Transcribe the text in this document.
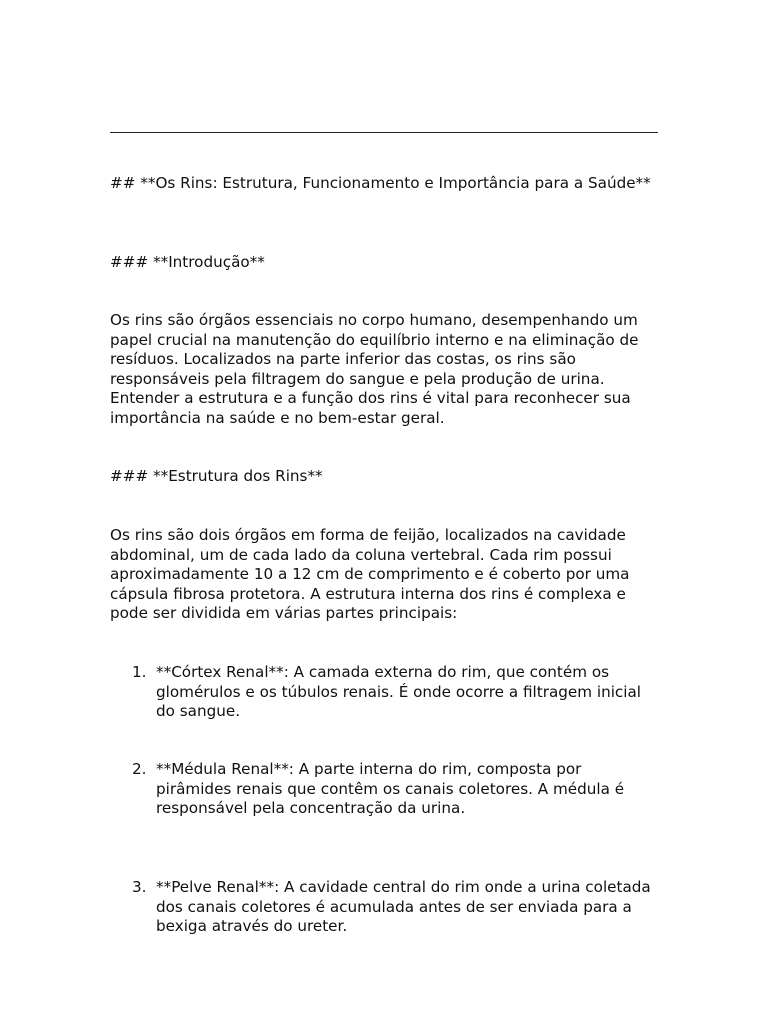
## **Os Rins: Estrutura, Funcionamento e Importância para a Saúde**

### **Introdução**

Os rins são órgãos essenciais no corpo humano, desempenhando um papel crucial na manutenção do equilíbrio interno e na eliminação de resíduos. Localizados na parte inferior das costas, os rins são responsáveis pela filtragem do sangue e pela produção de urina. Entender a estrutura e a função dos rins é vital para reconhecer sua importância na saúde e no bem-estar geral.

### **Estrutura dos Rins**

Os rins são dois órgãos em forma de feijão, localizados na cavidade abdominal, um de cada lado da coluna vertebral. Cada rim possui aproximadamente 10 a 12 cm de comprimento e é coberto por uma cápsula fibrosa protetora. A estrutura interna dos rins é complexa e pode ser dividida em várias partes principais:

1. **Córtex Renal**: A camada externa do rim, que contém os glomérulos e os túbulos renais. É onde ocorre a filtragem inicial do sangue.
2. **Médula Renal**: A parte interna do rim, composta por pirâmides renais que contêm os canais coletores. A médula é responsável pela concentração da urina.
3. **Pelve Renal**: A cavidade central do rim onde a urina coletada dos canais coletores é acumulada antes de ser enviada para a bexiga através do ureter.
